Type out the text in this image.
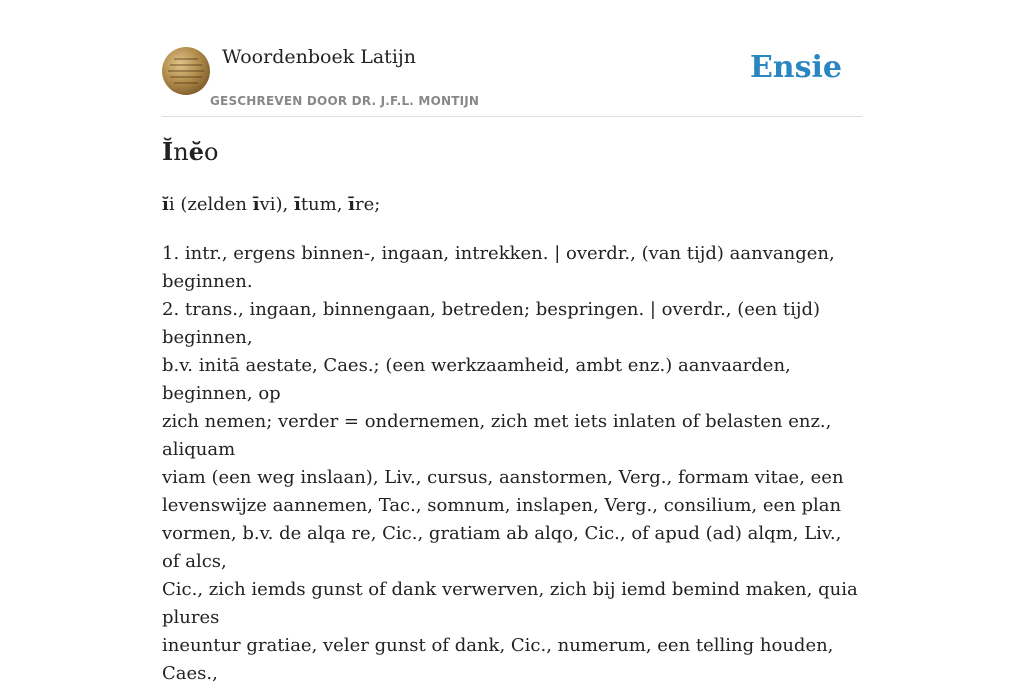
Woordenboek Latijn
GESCHREVEN DOOR DR. J.F.L. MONTIJN
Ensie
Ĭnĕo

ĭi (zelden īvi), ītum, īre;

1. intr., ergens binnen-, ingaan, intrekken. | overdr., (van tijd) aanvangen,
beginnen.
2. trans., ingaan, binnengaan, betreden; bespringen. | overdr., (een tijd) beginnen,
b.v. initā aestate, Caes.; (een werkzaamheid, ambt enz.) aanvaarden, beginnen, op
zich nemen; verder = ondernemen, zich met iets inlaten of belasten enz., aliquam
viam (een weg inslaan), Liv., cursus, aanstormen, Verg., formam vitae, een
levenswijze aannemen, Tac., somnum, inslapen, Verg., consilium, een plan
vormen, b.v. de alqa re, Cic., gratiam ab alqo, Cic., of apud (ad) alqm, Liv., of alcs,
Cic., zich iemds gunst of dank verwerven, zich bij iemd bemind maken, quia plures
ineuntur gratiae, veler gunst of dank, Cic., numerum, een telling houden, Caes.,
